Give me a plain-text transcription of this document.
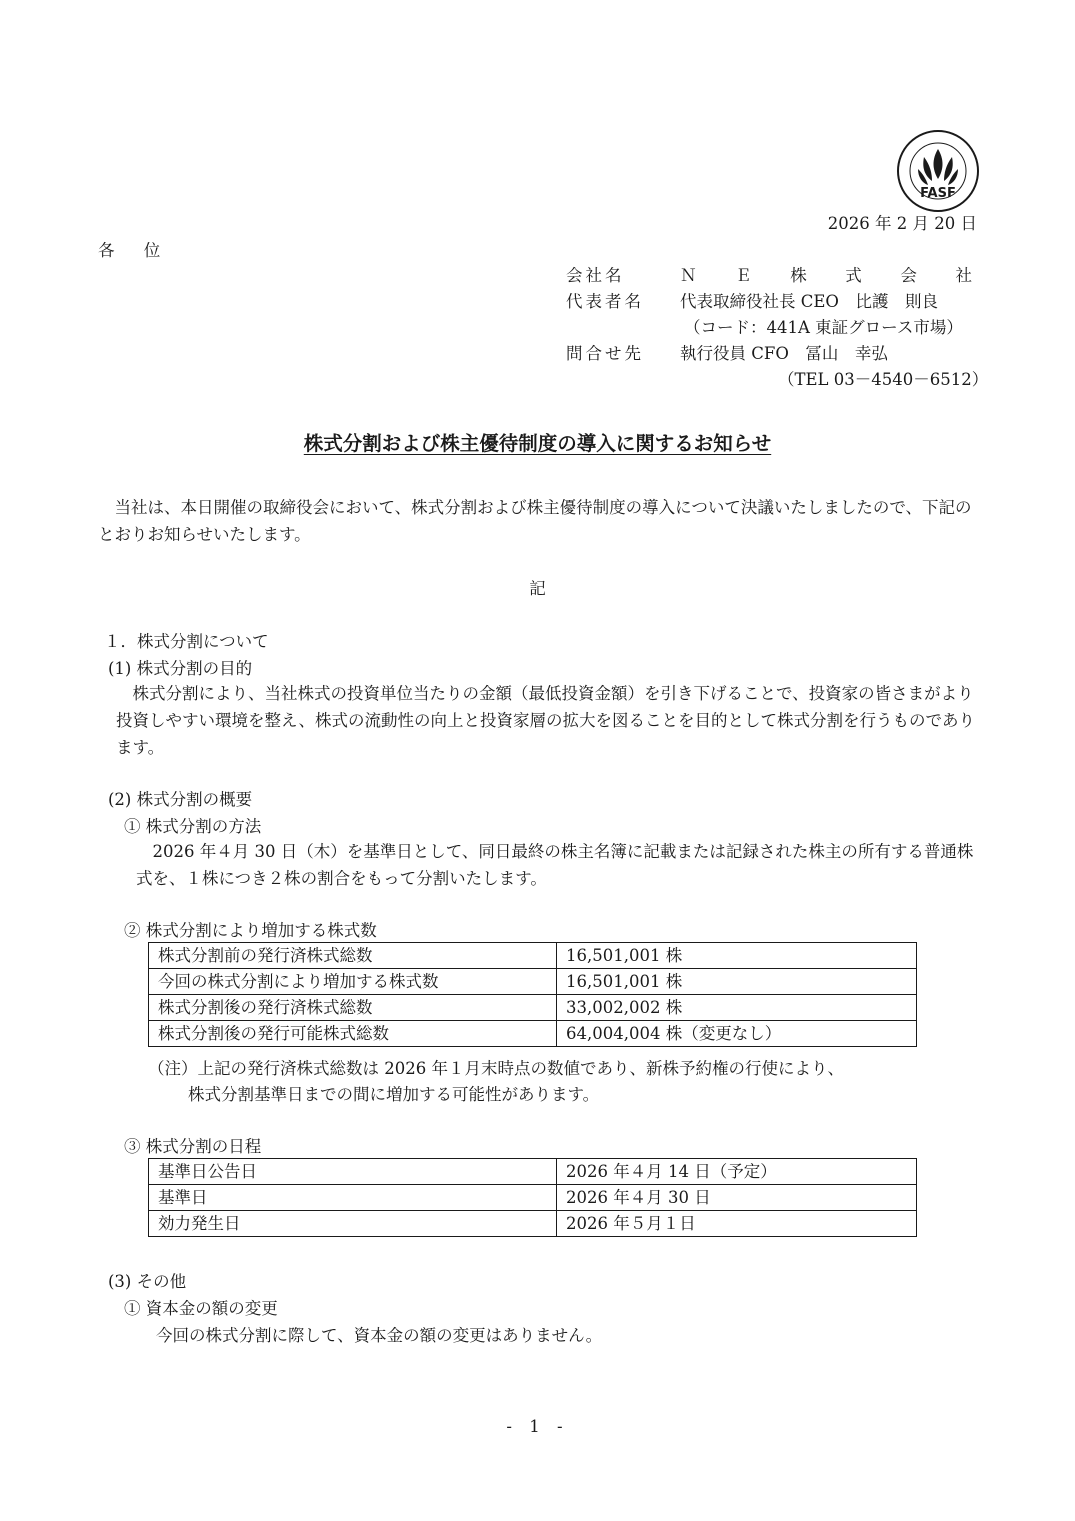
FASF
2026 年 2 月 20 日
各 位
会社名	Ｎ Ｅ 株 式 会 社
代表者名	代表取締役社長 CEO　比護　則良
（コード：441A 東証グロース市場）
問合せ先	執行役員 CFO　冨山　幸弘
（TEL 03－4540－6512）
株式分割および株主優待制度の導入に関するお知らせ
当社は、本日開催の取締役会において、株式分割および株主優待制度の導入について決議いたしましたので、下記のとおりお知らせいたします。
記
１．株式分割について
(1) 株式分割の目的
株式分割により、当社株式の投資単位当たりの金額（最低投資金額）を引き下げることで、投資家の皆さまがより投資しやすい環境を整え、株式の流動性の向上と投資家層の拡大を図ることを目的として株式分割を行うものであります。
(2) 株式分割の概要
① 株式分割の方法
2026 年４月 30 日（木）を基準日として、同日最終の株主名簿に記載または記録された株主の所有する普通株式を、１株につき２株の割合をもって分割いたします。
② 株式分割により増加する株式数
株式分割前の発行済株式総数	16,501,001 株
今回の株式分割により増加する株式数	16,501,001 株
株式分割後の発行済株式総数	33,002,002 株
株式分割後の発行可能株式総数	64,004,004 株（変更なし）
（注）上記の発行済株式総数は 2026 年１月末時点の数値であり、新株予約権の行使により、
株式分割基準日までの間に増加する可能性があります。
③ 株式分割の日程
基準日公告日	2026 年４月 14 日（予定）
基準日	2026 年４月 30 日
効力発生日	2026 年５月１日
(3) その他
① 資本金の額の変更
今回の株式分割に際して、資本金の額の変更はありません。
- 1 -
